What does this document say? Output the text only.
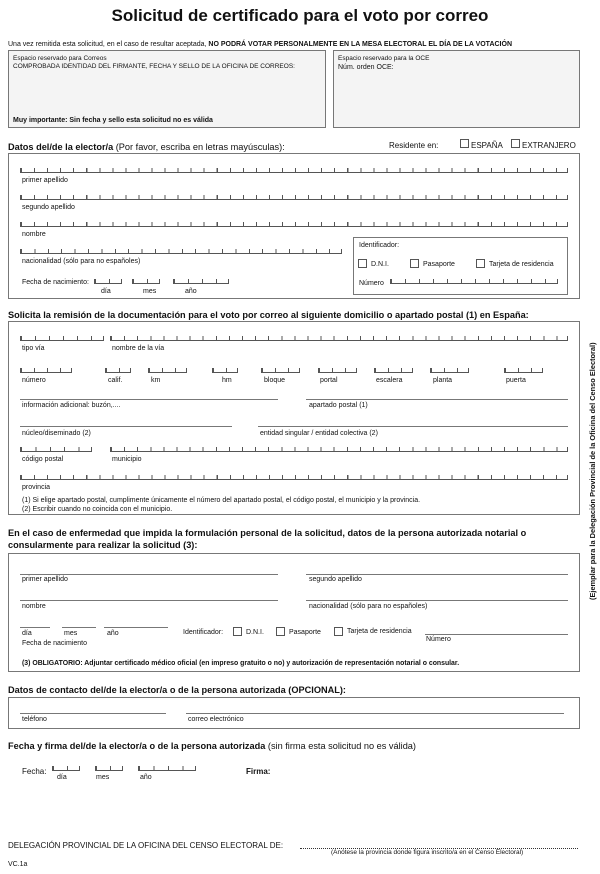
Solicitud de certificado para el voto por correo
Una vez remitida esta solicitud, en el caso de resultar aceptada, NO PODRÁ VOTAR PERSONALMENTE EN LA MESA ELECTORAL EL DÍA DE LA VOTACIÓN
Espacio reservado para Correos
COMPROBADA IDENTIDAD DEL FIRMANTE, FECHA Y SELLO DE LA OFICINA DE CORREOS:
Muy importante: Sin fecha y sello esta solicitud no es válida
Espacio reservado para la OCE
Núm. orden OCE:
Datos del/de la elector/a (Por favor, escriba en letras mayúsculas):	Residente en:	ESPAÑA EXTRANJERO
primer apellido
segundo apellido
nombre
nacionalidad (sólo para no españoles)
Fecha de nacimiento:
día	mes	año
Identificador:
D.N.I.	Pasaporte	Tarjeta de residencia
Número
Solicita la remisión de la documentación para el voto por correo al siguiente domicilio o apartado postal (1) en España:
tipo vía	nombre de la vía
número	calif.	km	hm	bloque	portal	escalera	planta	puerta
información adicional: buzón,....	apartado postal (1)
núcleo/diseminado (2)	entidad singular / entidad colectiva (2)
código postal	municipio
provincia
(1) Si elige apartado postal, cumplimente únicamente el número del apartado postal, el código postal, el municipio y la provincia.
(2) Escribir cuando no coincida con el municipio.
En el caso de enfermedad que impida la formulación personal de la solicitud, datos de la persona autorizada notarial o
consularmente para realizar la solicitud (3):
primer apellido	segundo apellido
nombre	nacionalidad (sólo para no españoles)
día	mes	año
Fecha de nacimiento
Identificador:	D.N.I.	Pasaporte	Tarjeta de residencia
Número
(3) OBLIGATORIO: Adjuntar certificado médico oficial (en impreso gratuito o no) y autorización de representación notarial o consular.
Datos de contacto del/de la elector/a o de la persona autorizada (OPCIONAL):
teléfono	correo electrónico
Fecha y firma del/de la elector/a o de la persona autorizada (sin firma esta solicitud no es válida)
Fecha:
día	mes	año
Firma:
DELEGACIÓN PROVINCIAL DE LA OFICINA DEL CENSO ELECTORAL DE:
(Anótese la provincia donde figura inscrito/a en el Censo Electoral)
VC.1a
(Ejemplar para la Delegación Provincial de la Oficina del Censo Electoral)
